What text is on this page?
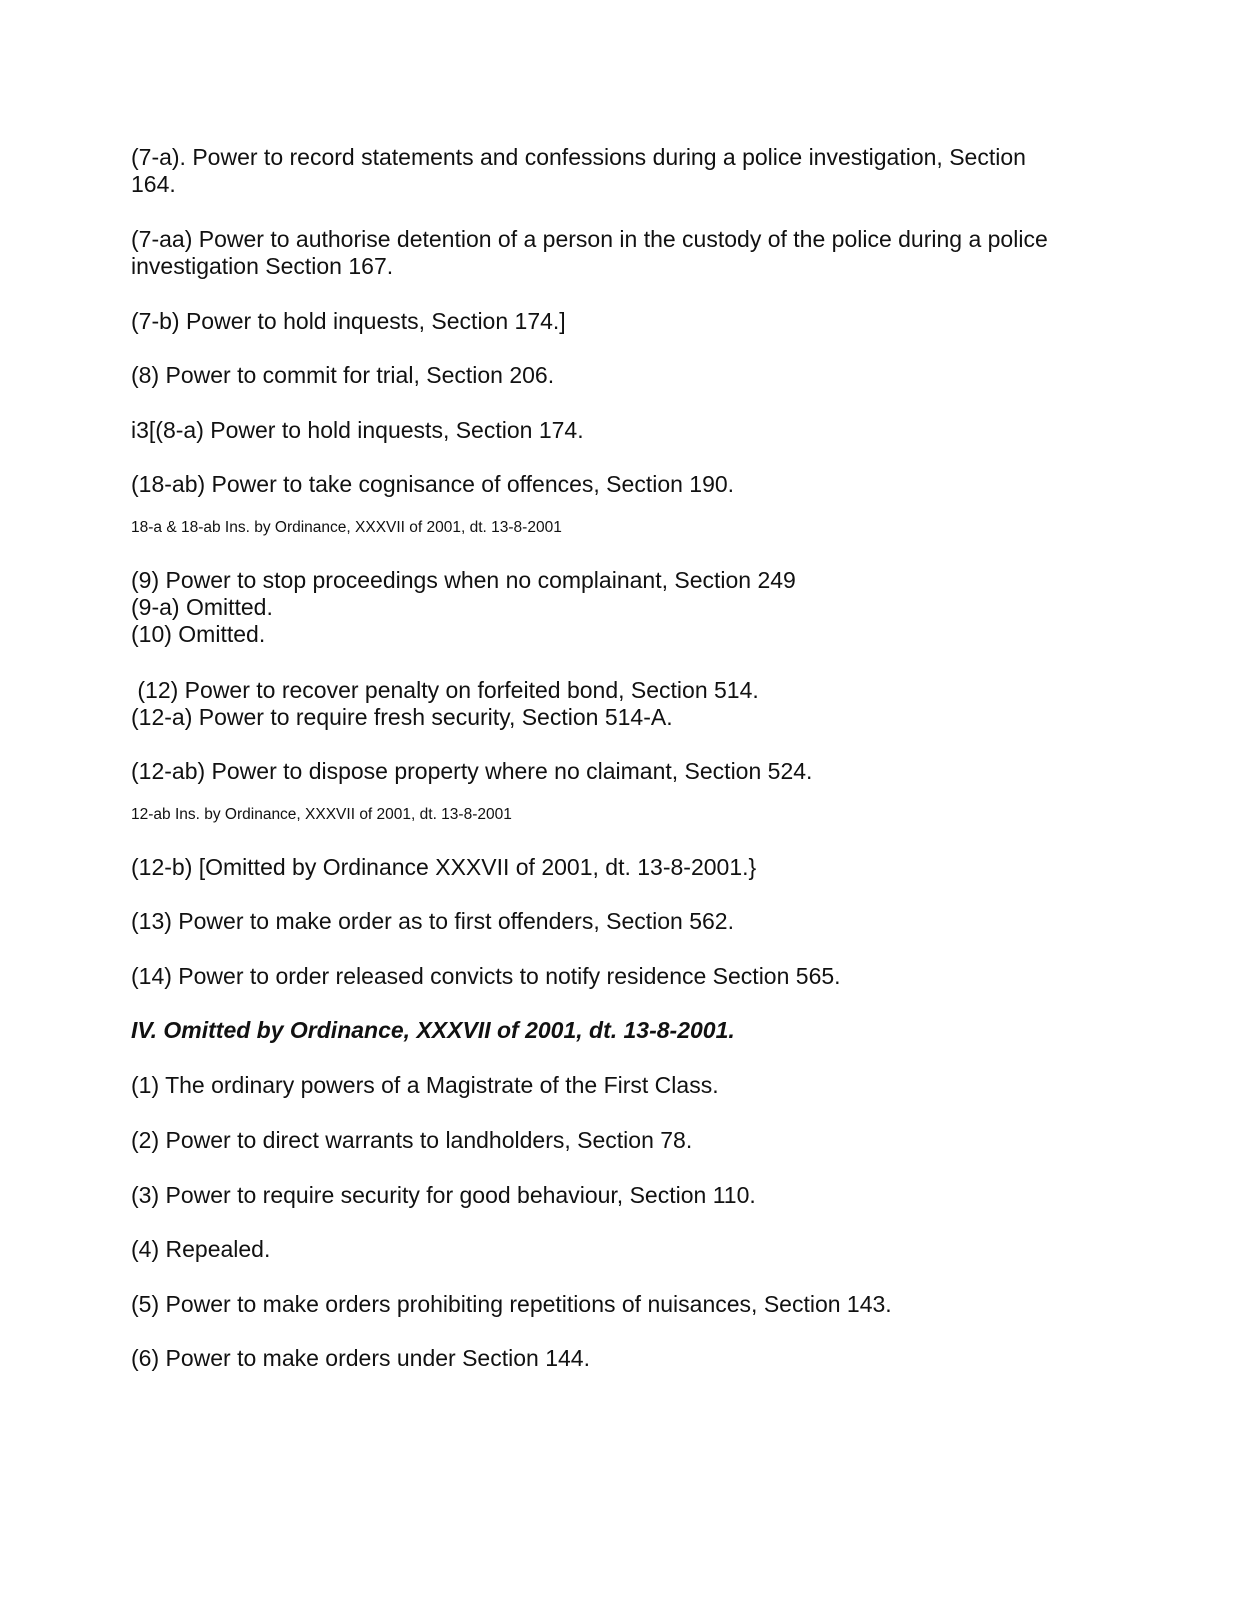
(7-a). Power to record statements and confessions during a police investigation, Section
164.
(7-aa) Power to authorise detention of a person in the custody of the police during a police
investigation Section 167.
(7-b) Power to hold inquests, Section 174.]
(8) Power to commit for trial, Section 206.
i3[(8-a) Power to hold inquests, Section 174.
(18-ab) Power to take cognisance of offences, Section 190.
18-a & 18-ab Ins. by Ordinance, XXXVII of 2001, dt. 13-8-2001
(9) Power to stop proceedings when no complainant, Section 249
(9-a) Omitted.
(10) Omitted.
(12) Power to recover penalty on forfeited bond, Section 514.
(12-a) Power to require fresh security, Section 514-A.
(12-ab) Power to dispose property where no claimant, Section 524.
12-ab Ins. by Ordinance, XXXVII of 2001, dt. 13-8-2001
(12-b) [Omitted by Ordinance XXXVII of 2001, dt. 13-8-2001.}
(13) Power to make order as to first offenders, Section 562.
(14) Power to order released convicts to notify residence Section 565.
IV. Omitted by Ordinance, XXXVII of 2001, dt. 13-8-2001.
(1) The ordinary powers of a Magistrate of the First Class.
(2) Power to direct warrants to landholders, Section 78.
(3) Power to require security for good behaviour, Section 110.
(4) Repealed.
(5) Power to make orders prohibiting repetitions of nuisances, Section 143.
(6) Power to make orders under Section 144.
